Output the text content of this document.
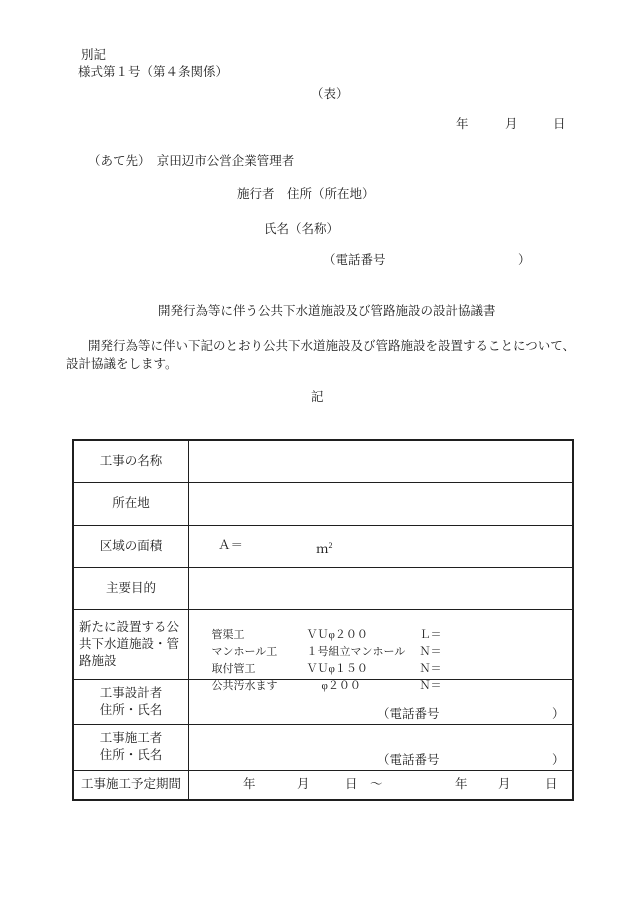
別記
様式第１号（第４条関係）
（表）
年	月	日
（あて先）　京田辺市公営企業管理者
施行者　住所（所在地）
氏名（名称）
（電話番号	）
開発行為等に伴う公共下水道施設及び管路施設の設計協議書
開発行為等に伴い下記のとおり公共下水道施設及び管路施設を設置することについて、
設計協議をします。
記
工事の名称
所在地
区域の面積	Ａ＝	ｍ$^2$
主要目的
新たに設置する公共下水道施設・管路施設

管渠工	ＶＵφ２００	Ｌ＝

マンホール工	１号組立マンホール Ｎ＝

取付管工	ＶＵφ１５０	Ｎ＝

公共汚水ます	φ２００	Ｎ＝

工事設計者
住所・氏名	（電話番号	）
工事施工者
住所・氏名	（電話番号	）
工事施工予定期間	年	月	日 ～	年 月	日
